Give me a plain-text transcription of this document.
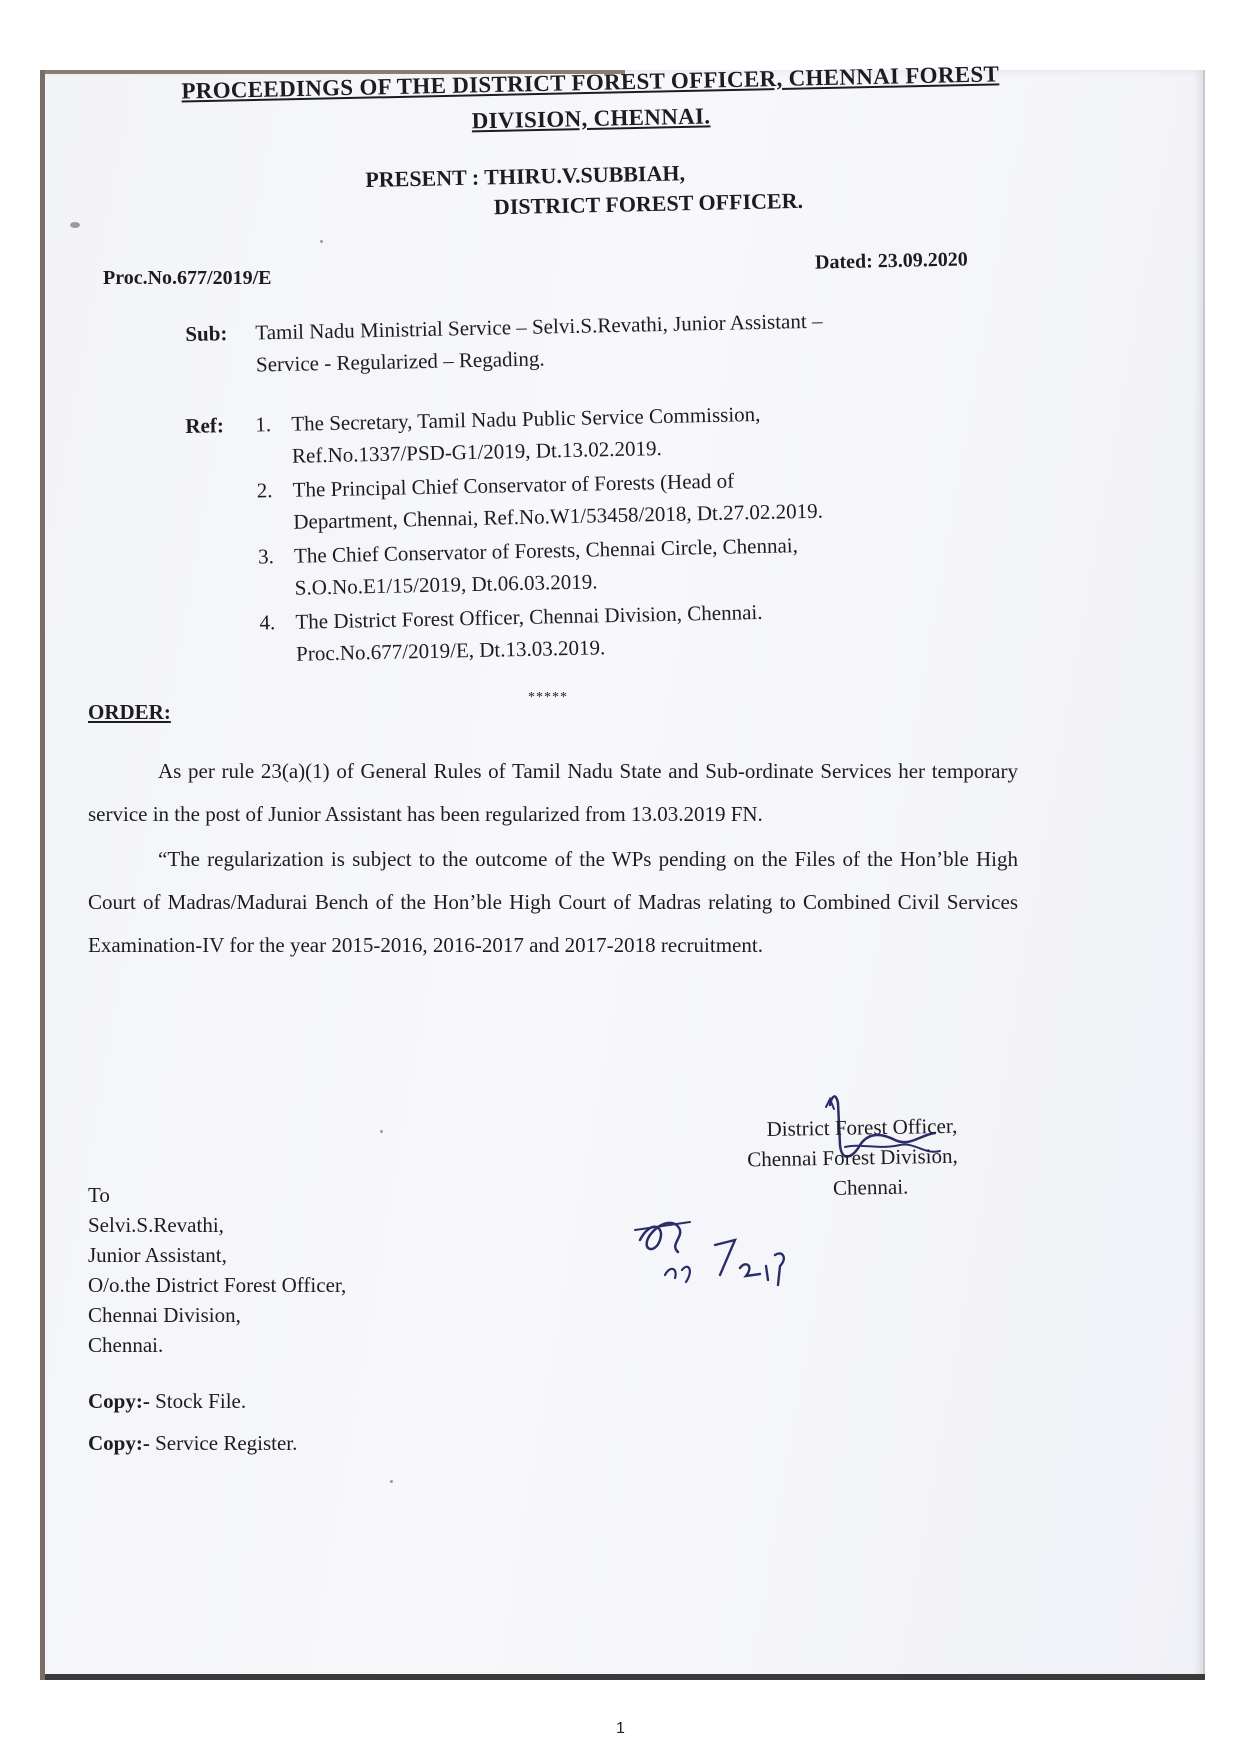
PROCEEDINGS OF THE DISTRICT FOREST OFFICER, CHENNAI FOREST
DIVISION, CHENNAI.
PRESENT : THIRU.V.SUBBIAH,
DISTRICT FOREST OFFICER.
Proc.No.677/2019/E
Dated: 23.09.2020
Sub: Tamil Nadu Ministrial Service – Selvi.S.Revathi, Junior Assistant –
Service - Regularized – Regading.
Ref: 1. The Secretary, Tamil Nadu Public Service Commission,
Ref.No.1337/PSD-G1/2019, Dt.13.02.2019.
2. The Principal Chief Conservator of Forests (Head of
Department, Chennai, Ref.No.W1/53458/2018, Dt.27.02.2019.
3. The Chief Conservator of Forests, Chennai Circle, Chennai,
S.O.No.E1/15/2019, Dt.06.03.2019.
4. The District Forest Officer, Chennai Division, Chennai.
Proc.No.677/2019/E, Dt.13.03.2019.
*****
ORDER:

As per rule 23(a)(1) of General Rules of Tamil Nadu State and Sub-ordinate Services her temporary service in the post of Junior Assistant has been regularized from 13.03.2019 FN.

“The regularization is subject to the outcome of the WPs pending on the Files of the Hon’ble High Court of Madras/Madurai Bench of the Hon’ble High Court of Madras relating to Combined Civil Services Examination-IV for the year 2015-2016, 2016-2017 and 2017-2018 recruitment.

District Forest Officer,
Chennai Forest Division,
Chennai.
To
Selvi.S.Revathi,
Junior Assistant,
O/o.the District Forest Officer,
Chennai Division,
Chennai.
Copy:- Stock File.
Copy:- Service Register.
1
